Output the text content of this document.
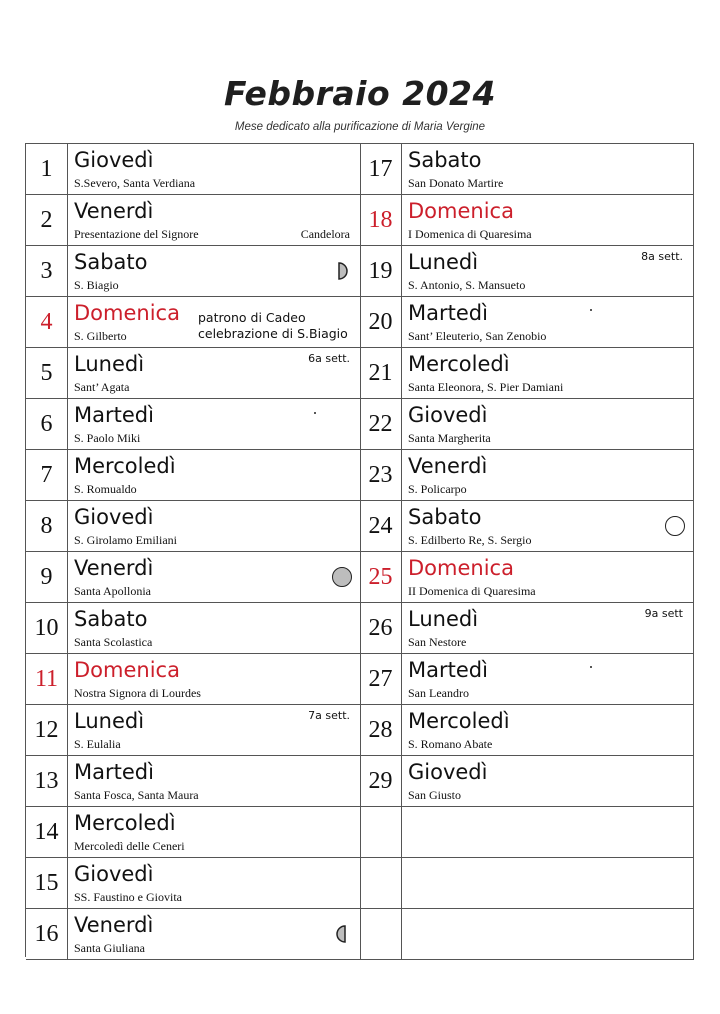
Febbraio 2024
Mese dedicato alla purificazione di Maria Vergine
1	Giovedì
S.Severo, Santa Verdiana
2	Venerdì
Presentazione del Signore	Candelora
3	Sabato
S. Biagio
4	Domenica
S. Gilberto
patrono di Cadeo
celebrazione di S.Biagio
5	Lunedì
Sant’ Agata
6a sett.
6	Martedì
S. Paolo Miki
7	Mercoledì
S. Romualdo
8	Giovedì
S. Girolamo Emiliani
9	Venerdì
Santa Apollonia
10 Sabato
Santa Scolastica
11 Domenica
Nostra Signora di Lourdes
12 Lunedì
S. Eulalia
7a sett.
13 Martedì
Santa Fosca, Santa Maura
14 Mercoledì
Mercoledì delle Ceneri
15 Giovedì
SS. Faustino e Giovita
16 Venerdì
Santa Giuliana
17 Sabato
San Donato Martire
18 Domenica
I Domenica di Quaresima
19 Lunedì
S. Antonio, S. Mansueto
8a sett.
20 Martedì
Sant’ Eleuterio, San Zenobio
21 Mercoledì
Santa Eleonora, S. Pier Damiani
22 Giovedì
Santa Margherita
23 Venerdì
S. Policarpo
24 Sabato
S. Edilberto Re, S. Sergio
25 Domenica
II Domenica di Quaresima
26 Lunedì
San Nestore
9a sett
27 Martedì
San Leandro
28 Mercoledì
S. Romano Abate
29 Giovedì
San Giusto
